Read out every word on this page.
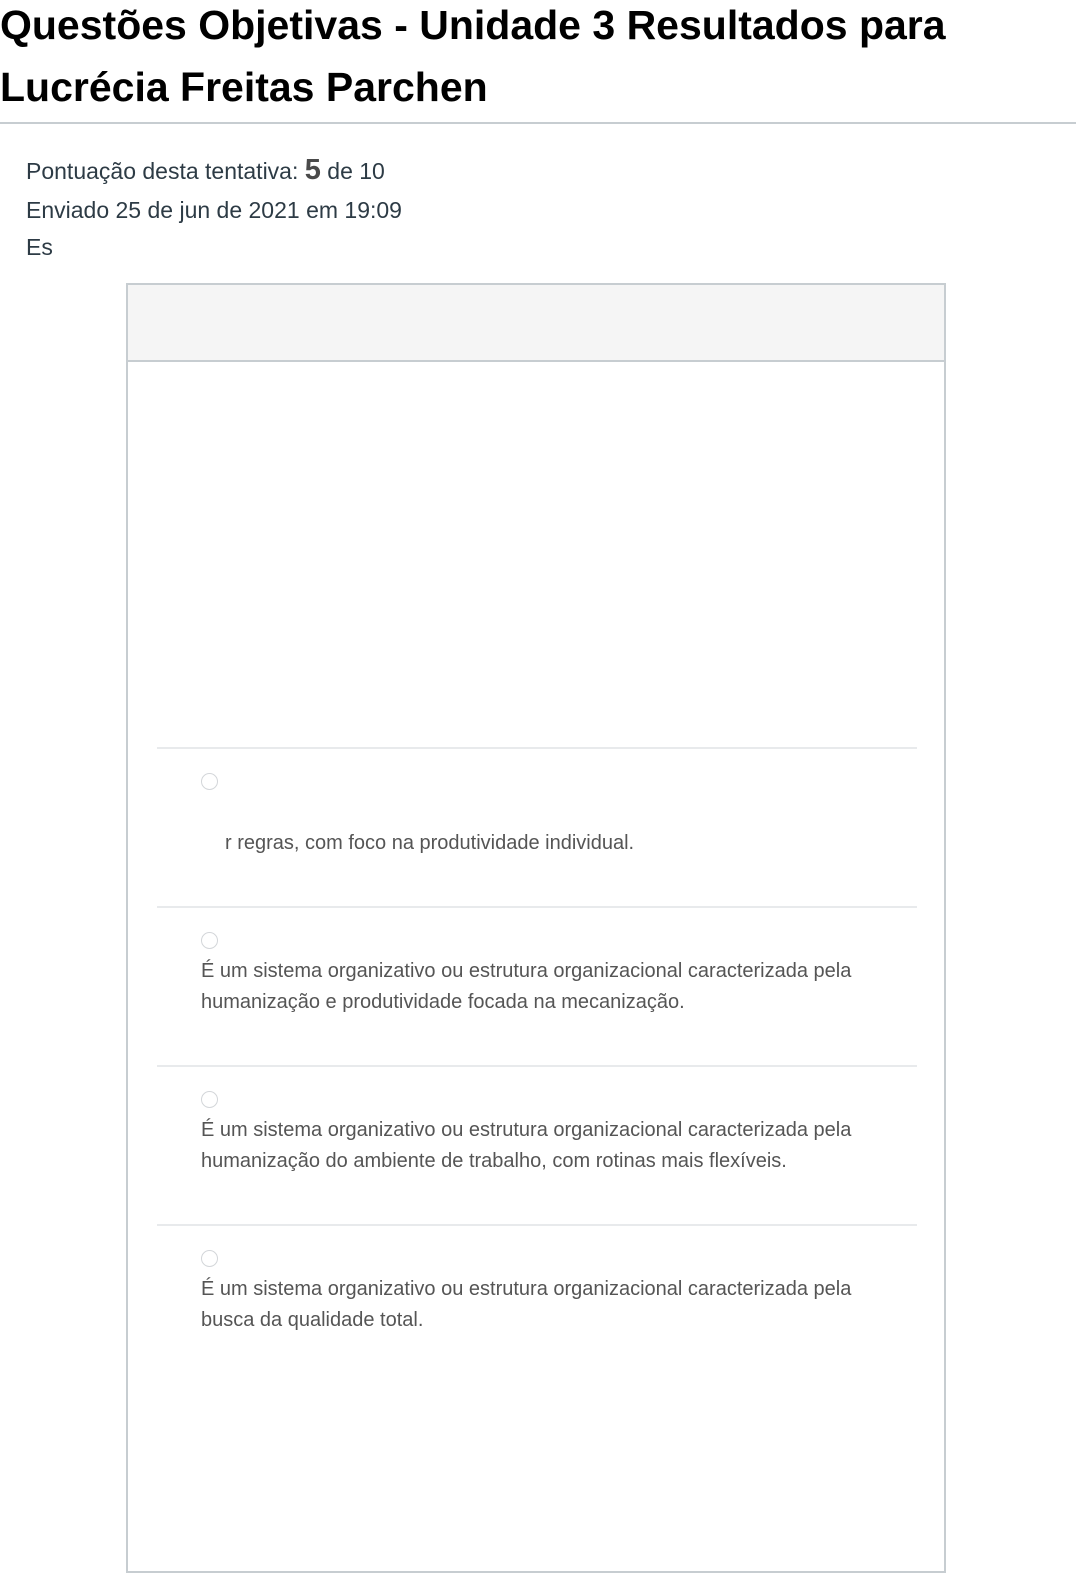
Questões Objetivas - Unidade 3 Resultados para Lucrécia Freitas Parchen
Pontuação desta tentativa: 5 de 10
Enviado 25 de jun de 2021 em 19:09
Es
r regras, com foco na produtividade individual.
É um sistema organizativo ou estrutura organizacional caracterizada pela humanização e produtividade focada na mecanização.
É um sistema organizativo ou estrutura organizacional caracterizada pela humanização do ambiente de trabalho, com rotinas mais flexíveis.
É um sistema organizativo ou estrutura organizacional caracterizada pela busca da qualidade total.
